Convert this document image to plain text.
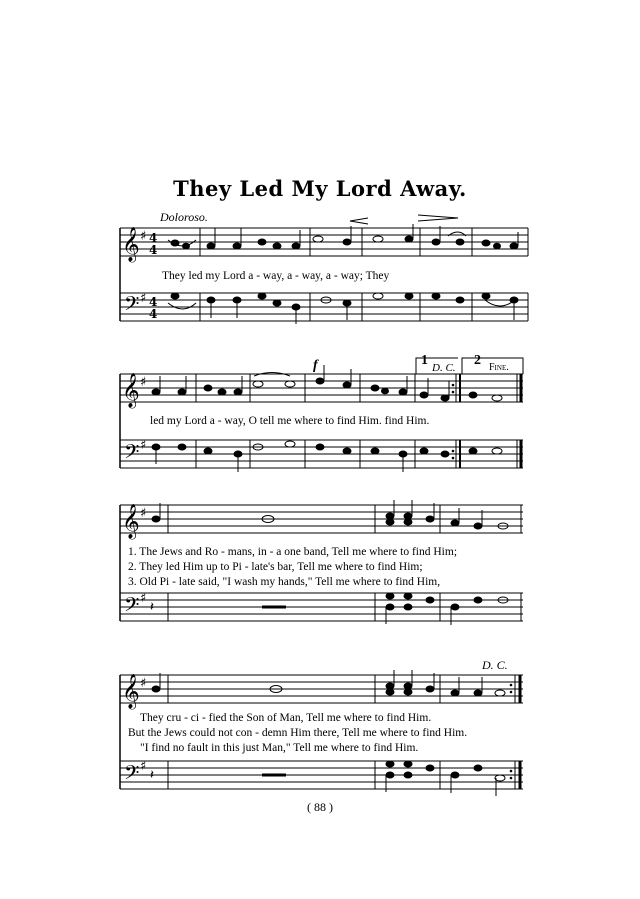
They Led My Lord Away.
Doloroso.
𝄞
𝄢
♯
♯
4
4
4
4
They led my Lord a - way, a - way, a - way; They
𝄞
𝄢
♯
♯
f	1 D. C. 2 Fine.
led my Lord a - way, O tell me where to find Him. find Him.
𝄞
𝄢
♯
♯
𝄽
1. The Jews and Ro - mans, in - a one band, Tell me where to find Him;
2. They led Him up to Pi - late's bar, Tell me where to find Him;
3. Old Pi - late said, "I wash my hands," Tell me where to find Him,
𝄞
𝄢
♯
♯
𝄽
D. C.
They cru - ci - fied the Son of Man, Tell me where to find Him.
But the Jews could not con - demn Him there, Tell me where to find Him.
"I find no fault in this just Man," Tell me where to find Him.
( 88 )
